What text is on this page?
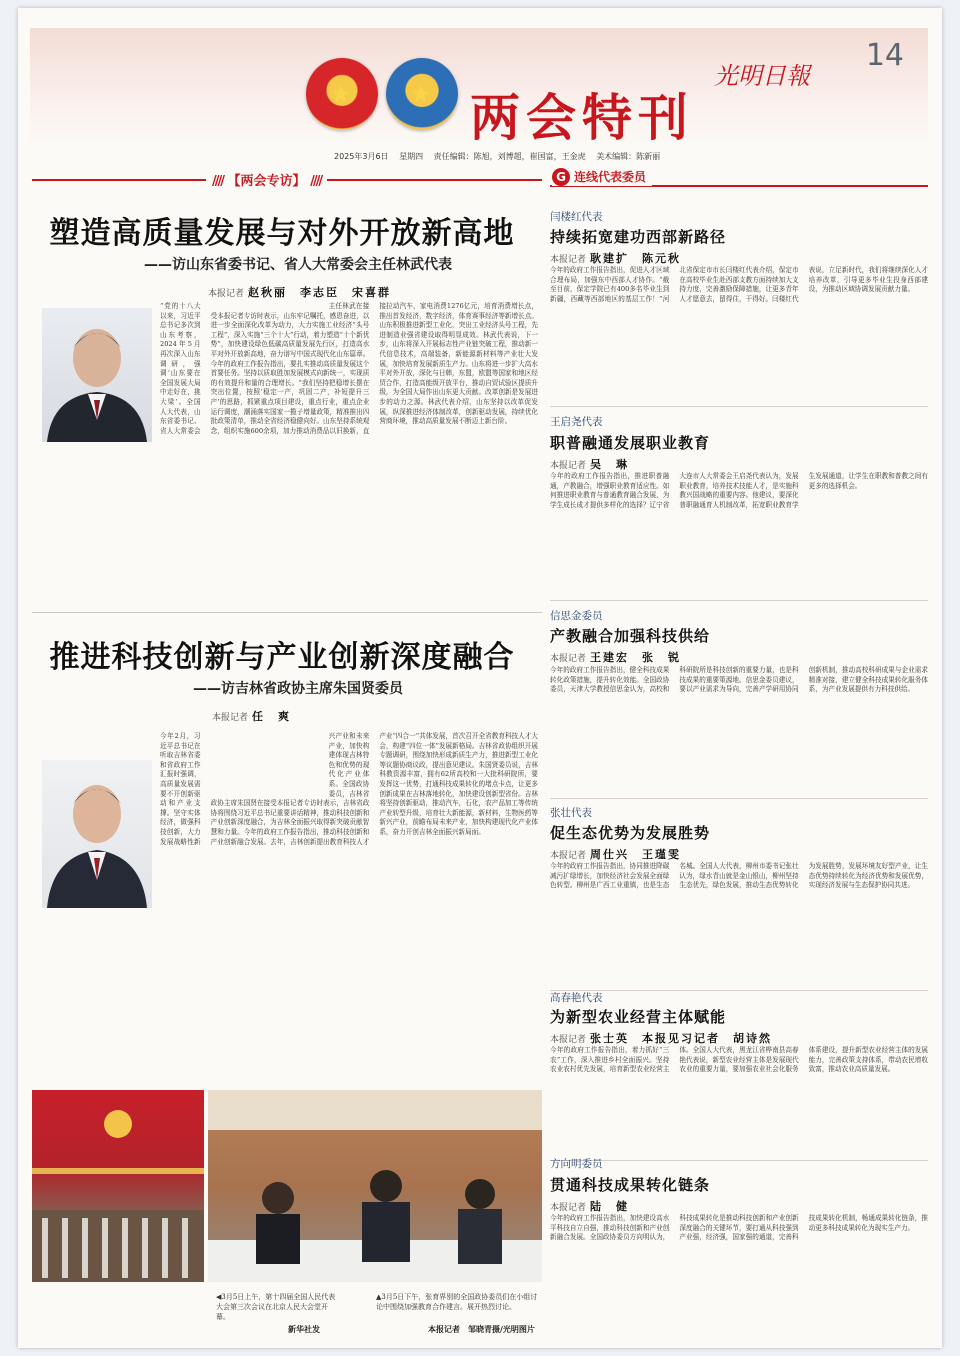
★ ★
光明日報
两会特刊
14
2025年3月6日 星期四 责任编辑：陈旭，刘博超，崔国富，王金虎 美术编辑：陈新丽
//// 【两会专访】 ////
塑造高质量发展与对外开放新高地
——访山东省委书记、省人大常委会主任林武代表
本报记者 赵秋丽　李志臣　宋喜群
“党的十八大以来，习近平总书记多次到山东考察，2024年5月再次深入山东调研，强调‘山东要在全国发展大局中走好在，挑大梁’。全国人大代表，山东省委书记、省人大常委会主任林武在接受本报记者专访时表示，山东牢记嘱托，感恩奋进，以进一步全面深化改革为动力，大力实施工业经济“头号工程”，深入实施“三个十大”行动，着力塑造“十个新优势”，加快建设绿色低碳高质量发展先行区，打造高水平对外开放新高地，奋力谱写中国式现代化山东篇章。今年的政府工作报告指出，要扎实推动高质量发展这个首要任务。坚持以质取胜加发展模式向新统一，实现质的有效提升和量的合理增长。“我们坚持把稳增长摆在突出位置，按照‘稳定一产，巩固二产，补短提升三产’的思路，抓紧重点项目建设，重点行业，重点企业运行调度，潮涌落实国家一揽子增量政策，精准推出四批政策清单，推动全省经济稳健向好。山东坚持系统观念，组织实施600余项，加力推动消费品以旧换新，直接拉动汽车，家电消费1276亿元，培育消费增长点，推出首发经济，数字经济，体育赛事经济等新增长点。山东积极推进新型工业化，突出工业经济头号工程，先进制造业强省建设取得明显成效。林武代表说，下一步，山东将深入开展标志性产业链突破工程，推动新一代信息技术，高端装备，新能源新材料等产业壮大发展，加快培育发展新质生产力。山东将进一步扩大高水平对外开放，深化与日韩，东盟，欧盟等国家和地区经贸合作，打造高能级开放平台，推动自贸试验区提质升级，为全国大局作出山东更大贡献。改革创新是发展进步的动力之源。林武代表介绍，山东坚持以改革促发展，纵深推进经济体制改革，创新驱动发展，持续优化营商环境，推动高质量发展不断迈上新台阶。
推进科技创新与产业创新深度融合
——访吉林省政协主席朱国贤委员
本报记者 任　爽
今年2月，习近平总书记在听取吉林省委和省政府工作汇报时强调，高质量发展需要不开创新驱动和产业支撑。坚守实体经济，做强科技创新，大力发展战略性新兴产业和未来产业，加快构建体现吉林特色和优势的现代化产业体系。全国政协委员，吉林省政协主席朱国贤在接受本报记者专访时表示，吉林省政协将围绕习近平总书记重要讲话精神，推动科技创新和产业创新深度融合，为吉林全面振兴取得新突破贡献智慧和力量。今年的政府工作报告指出，推动科技创新和产业创新融合发展。去年，吉林创新提出教育科技人才产业“四合一”共体发展，首次召开全省教育科技人才大会，构建“四位一体”发展新格局。吉林省政协组织开展专题调研，围绕加快形成新质生产力，推进新型工业化等议题协商议政，提出意见建议。朱国贤委员说，吉林科教资源丰富，拥有62所高校和一大批科研院所，要发挥这一优势，打通科技成果转化的堵点卡点，让更多创新成果在吉林落地转化，加快建设创新型省份。吉林将坚持创新驱动，推动汽车，石化，农产品加工等传统产业转型升级，培育壮大新能源，新材料，生物医药等新兴产业，前瞻布局未来产业，加快构建现代化产业体系，奋力开创吉林全面振兴新局面。
◀3月5日上午，第十四届全国人民代表大会第三次会议在北京人民大会堂开幕。
新华社发
▲3月5日下午，张育界别的全国政协委员们在小组讨论中围绕加强教育合作建言。展开热烈讨论。
本报记者　邹晓青摄/光明图片
G 连线代表委员
闫楼红代表
持续拓宽建功西部新路径
本报记者 耿建扩　陈元秋
今年的政府工作报告指出，促进人才区域合理布局，加强东中西部人才协作。“截至目前，保定学院已有400多名毕业生到新疆，西藏等西部地区的基层工作！”河北省保定市市长闫楼红代表介绍，保定市在高校毕业生赴西部支教方面持续加大支持力度，完善激励保障措施，让更多青年人才愿意去，留得住，干得好。闫楼红代表说，立足新时代，我们将继续深化人才培养改革，引导更多毕业生投身西部建设，为推动区域协调发展贡献力量。
王启尧代表
职普融通发展职业教育
本报记者 吴　琳
今年的政府工作报告指出，推进职普融通，产教融合，增强职业教育适应性。如何推进职业教育与普通教育融合发展，为学生成长成才提供多样化的选择？辽宁省大连市人大常委会王启尧代表认为，发展职业教育，培养技术技能人才，是实施科教兴国战略的重要内容。他建议，要深化普职融通育人机制改革，拓宽职业教育学生发展通道，让学生在职教和普教之间有更多的选择机会。
信思金委员
产教融合加强科技供给
本报记者 王建宏　张　锐
今年的政府工作报告指出，健全科技成果转化政策措施，提升转化效能。全国政协委员，天津大学教授信思金认为，高校和科研院所是科技创新的重要力量，也是科技成果的重要策源地。信思金委员建议，要以产业需求为导向，完善产学研用协同创新机制，推动高校科研成果与企业需求精准对接，建立健全科技成果转化服务体系，为产业发展提供有力科技供给。
张壮代表
促生态优势为发展胜势
本报记者 周仕兴　王瑾雯
今年的政府工作报告指出，协同推进降碳减污扩绿增长，加快经济社会发展全面绿色转型。柳州是广西工业重镇，也是生态名城。全国人大代表，柳州市委书记张壮认为，绿水青山就是金山银山，柳州坚持生态优先，绿色发展，推动生态优势转化为发展胜势，发展环境友好型产业，让生态优势持续转化为经济优势和发展优势，实现经济发展与生态保护协同共进。
高春艳代表
为新型农业经营主体赋能
本报记者 张士英　本报见习记者　胡诗然
今年的政府工作报告指出，着力抓好“三农”工作，深入推进乡村全面振兴。坚持农业农村优先发展，培育新型农业经营主体。全国人大代表，黑龙江省桦南县高春艳代表说，新型农业经营主体是发展现代农业的重要力量，要加强农业社会化服务体系建设，提升新型农业经营主体的发展能力，完善政策支持体系，带动农民增收致富，推动农业高质量发展。
方向明委员
贯通科技成果转化链条
本报记者 陆　健
今年的政府工作报告指出，加快建设高水平科技自立自强，推动科技创新和产业创新融合发展。全国政协委员方向明认为，科技成果转化是推动科技创新和产业创新深度融合的关键环节，要打通从科技强到产业强，经济强，国家强的通道，完善科技成果转化机制，畅通成果转化链条，推动更多科技成果转化为现实生产力。
